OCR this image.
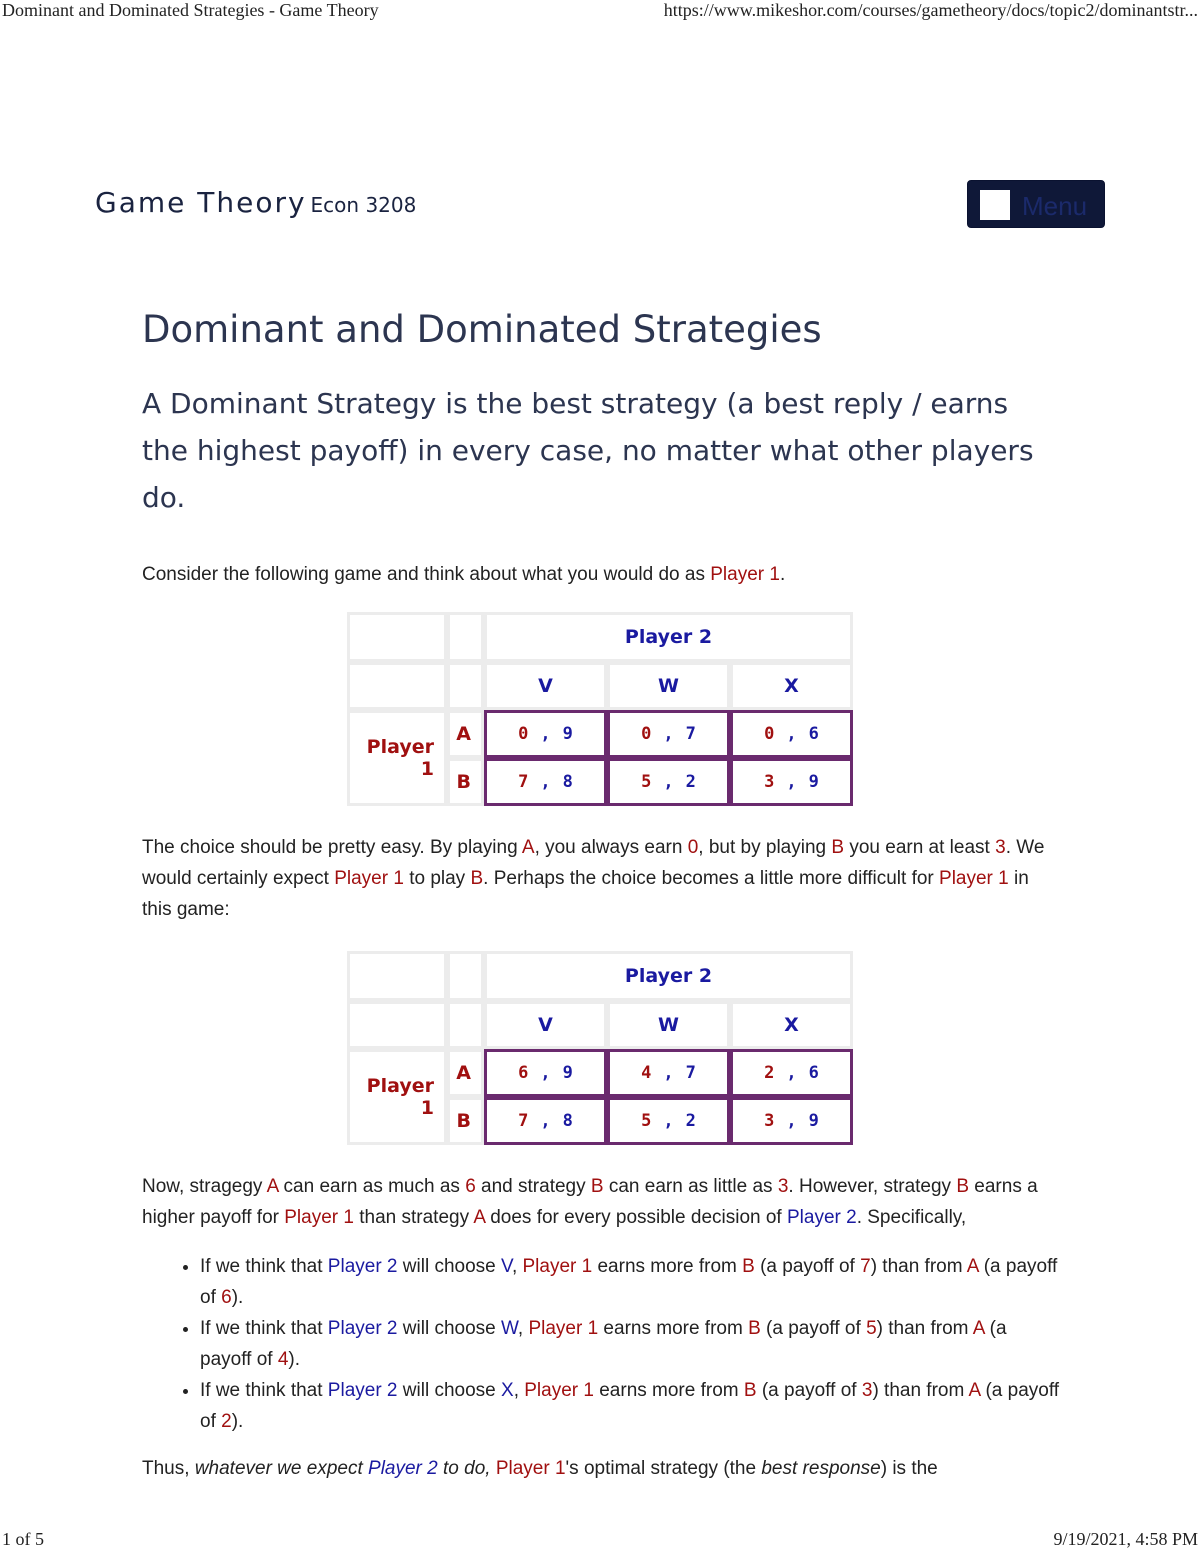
Dominant and Dominated Strategies - Game Theory	https://www.mikeshor.com/courses/gametheory/docs/topic2/dominantstr...
Game Theory Econ 3208	Menu
Dominant and Dominated Strategies
A Dominant Strategy is the best strategy (a best reply / earns the highest payoff) in every case, no matter what other players do.

Consider the following game and think about what you would do as Player 1.

		Player 2		
		V	W	X
Player 1	A	0 , 9	0 , 7	0 , 6
	B	7 , 8	5 , 2	3 , 9

The choice should be pretty easy. By playing A, you always earn 0, but by playing B you earn at least 3. We would certainly expect Player 1 to play B. Perhaps the choice becomes a little more difficult for Player 1 in this game:

		Player 2		
		V	W	X
Player 1	A	6 , 9	4 , 7	2 , 6
	B	7 , 8	5 , 2	3 , 9

Now, stragegy A can earn as much as 6 and strategy B can earn as little as 3. However, strategy B earns a higher payoff for Player 1 than strategy A does for every possible decision of Player 2. Specifically,

• If we think that Player 2 will choose V, Player 1 earns more from B (a payoff of 7) than from A (a payoff of 6).
• If we think that Player 2 will choose W, Player 1 earns more from B (a payoff of 5) than from A (a payoff of 4).
• If we think that Player 2 will choose X, Player 1 earns more from B (a payoff of 3) than from A (a payoff of 2).

Thus, whatever we expect Player 2 to do, Player 1's optimal strategy (the best response) is the

1 of 5	9/19/2021, 4:58 PM
